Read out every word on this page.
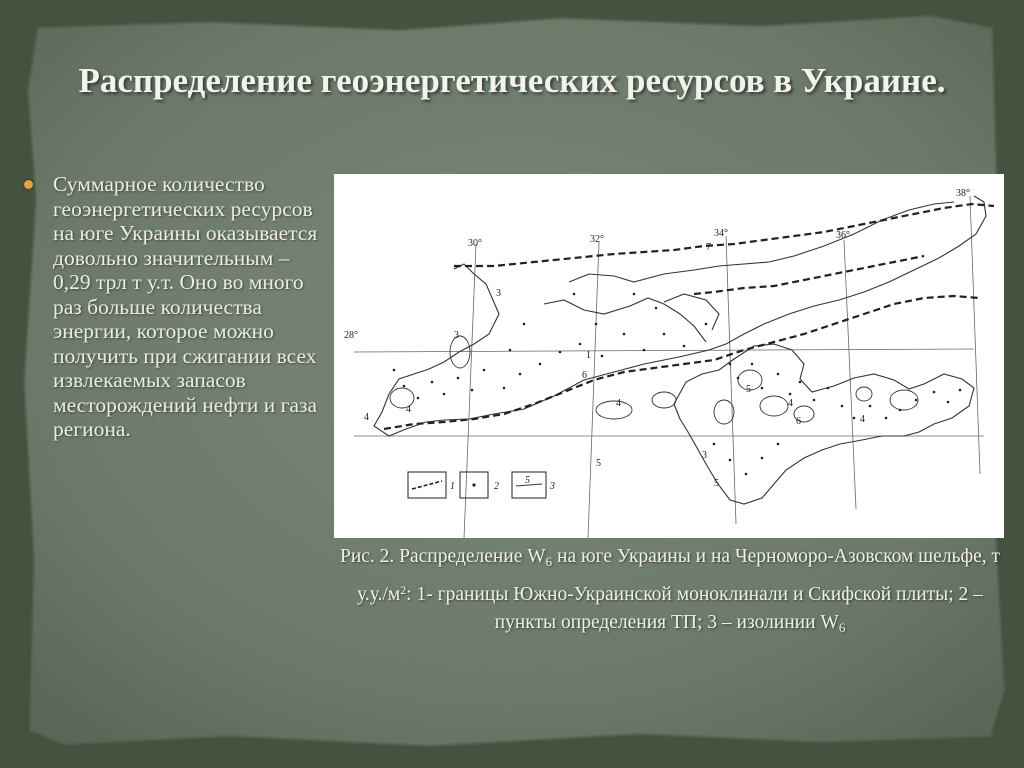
Распределение геоэнергетических ресурсов в Украине.
Суммарное количество геоэнергетических ресурсов на юге Украины оказывается довольно значительным – 0,29 трл т у.т. Оно во много раз больше количества энергии, которое можно получить при сжигании всех извлекаемых запасов месторождений нефти и газа региона.
28°
30°	32°
34°	36°
38°
3
3
4
4
5
6
7
1
4
5
3
4
6
5
4
1	2
5
3
Рис. 2. Распределение $W_6$ на юге Украины и на Черноморо-Азовском шельфе, т $у.у./м^2$: 1- границы Южно-Украинской моноклинали и Скифской плиты; 2 – пункты определения ТП; 3 – изолинии $W_6$
